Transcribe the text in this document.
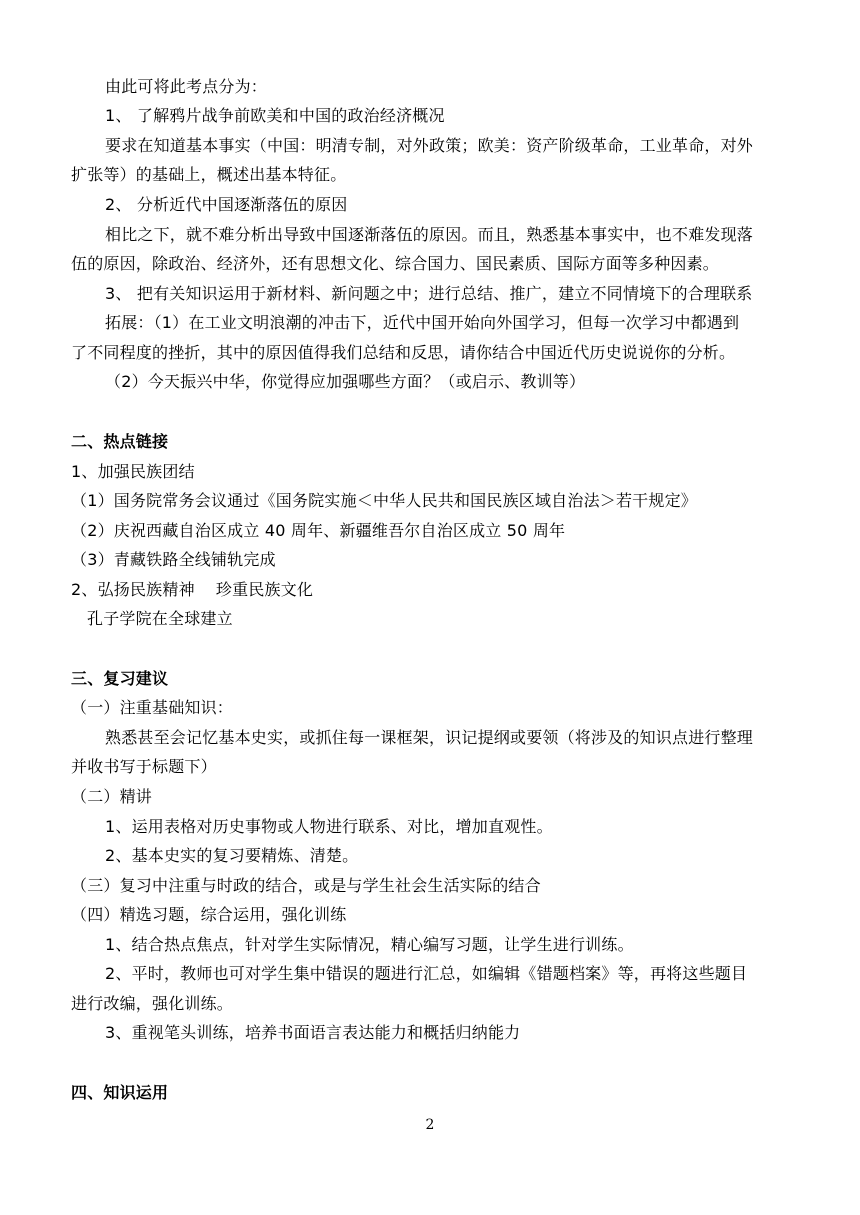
由此可将此考点分为：
1、 了解鸦片战争前欧美和中国的政治经济概况
要求在知道基本事实（中国：明清专制，对外政策；欧美：资产阶级革命，工业革命，对外
扩张等）的基础上，概述出基本特征。
2、 分析近代中国逐渐落伍的原因
相比之下，就不难分析出导致中国逐渐落伍的原因。而且，熟悉基本事实中，也不难发现落
伍的原因，除政治、经济外，还有思想文化、综合国力、国民素质、国际方面等多种因素。
3、 把有关知识运用于新材料、新问题之中；进行总结、推广，建立不同情境下的合理联系
拓展：（1）在工业文明浪潮的冲击下，近代中国开始向外国学习，但每一次学习中都遇到
了不同程度的挫折，其中的原因值得我们总结和反思，请你结合中国近代历史说说你的分析。
（2）今天振兴中华，你觉得应加强哪些方面？（或启示、教训等）
二、热点链接
1、加强民族团结
（1）国务院常务会议通过《国务院实施＜中华人民共和国民族区域自治法＞若干规定》
（2）庆祝西藏自治区成立 40 周年、新疆维吾尔自治区成立 50 周年
（3）青藏铁路全线铺轨完成
2、弘扬民族精神    珍重民族文化
孔子学院在全球建立
三、复习建议
（一）注重基础知识：
熟悉甚至会记忆基本史实，或抓住每一课框架，识记提纲或要领（将涉及的知识点进行整理
并收书写于标题下）
（二）精讲
1、运用表格对历史事物或人物进行联系、对比，增加直观性。
2、基本史实的复习要精炼、清楚。
（三）复习中注重与时政的结合，或是与学生社会生活实际的结合
（四）精选习题，综合运用，强化训练
1、结合热点焦点，针对学生实际情况，精心编写习题，让学生进行训练。
2、平时，教师也可对学生集中错误的题进行汇总，如编辑《错题档案》等，再将这些题目
进行改编，强化训练。
3、重视笔头训练，培养书面语言表达能力和概括归纳能力
四、知识运用
2
